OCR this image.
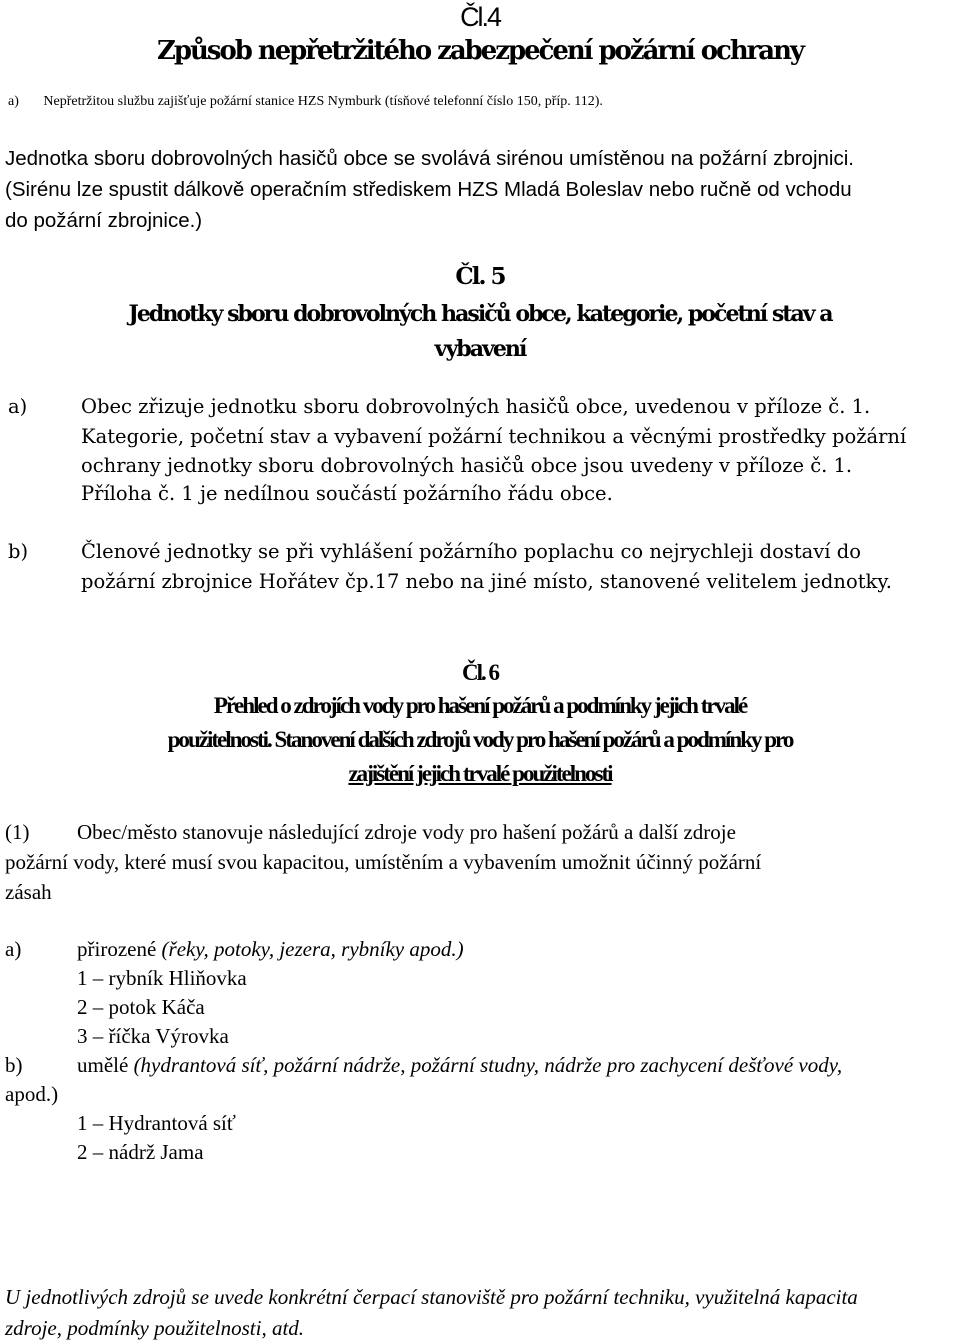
Čl.4
Způsob nepřetržitého zabezpečení požární ochrany
a) Nepřetržitou službu zajišťuje požární stanice HZS Nymburk (tísňové telefonní číslo 150, příp. 112).
Jednotka sboru dobrovolných hasičů obce se svolává sirénou umístěnou na požární zbrojnici.
(Sirénu lze spustit dálkově operačním střediskem HZS Mladá Boleslav nebo ručně od vchodu
do požární zbrojnice.)
Čl. 5
Jednotky sboru dobrovolných hasičů obce, kategorie, početní stav a
vybavení
a)	Obec zřizuje jednotku sboru dobrovolných hasičů obce, uvedenou v příloze č. 1.
Kategorie, početní stav a vybavení požární technikou a věcnými prostředky požární
ochrany jednotky sboru dobrovolných hasičů obce jsou uvedeny v příloze č. 1.
Příloha č. 1 je nedílnou součástí požárního řádu obce.
b)	Členové jednotky se při vyhlášení požárního poplachu co nejrychleji dostaví do
požární zbrojnice Hořátev čp.17 nebo na jiné místo, stanovené velitelem jednotky.
Čl. 6
Přehled o zdrojích vody pro hašení požárů a podmínky jejich trvalé
použitelnosti. Stanovení dalších zdrojů vody pro hašení požárů a podmínky pro
zajištění jejich trvalé použitelnosti
(1) Obec/město stanovuje následující zdroje vody pro hašení požárů a další zdroje
požární vody, které musí svou kapacitou, umístěním a vybavením umožnit účinný požární
zásah
a)	přirozené (řeky, potoky, jezera, rybníky apod.)
1 – rybník Hliňovka
2 – potok Káča
3 – říčka Výrovka
b)	umělé (hydrantová síť, požární nádrže, požární studny, nádrže pro zachycení dešťové vody,
apod.)
1 – Hydrantová síť
2 – nádrž Jama
U jednotlivých zdrojů se uvede konkrétní čerpací stanoviště pro požární techniku, využitelná kapacita
zdroje, podmínky použitelnosti, atd.
